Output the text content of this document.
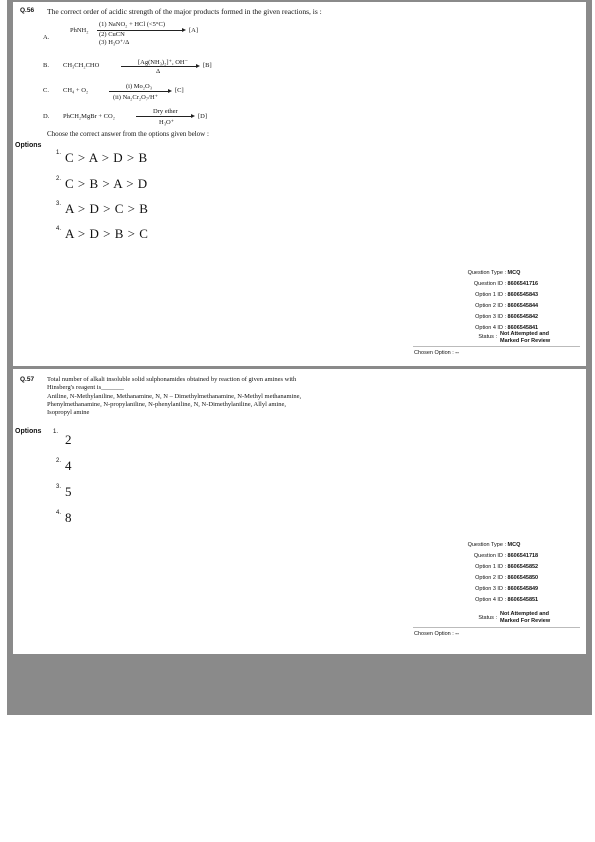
Q.56 The correct order of acidic strength of the major products formed in the given reactions, is :
A.
PhNH₂
(1) NaNO₂ + HCl (<5°C)
(2) CuCN
(3) H₃O⁺/Δ
[A]
B. CH₃CH₂CHO	[Ag(NH₃)₂]⁺, OH⁻
Δ
[B]
C. CH₄ + O₂
(i) Mo₂O₃
(ii) Na₂Cr₂O₇/H⁺
[C]
D. PhCH₂MgBr + CO₂
Dry ether
H₃O⁺
[D]
Choose the correct answer from the options given below :
Options
1. C > A > D > B
2. C > B > A > D
3. A > D > C > B
4. A > D > B > C
Question Type : MCQ
Question ID : 8606541716
Option 1 ID : 8606545843
Option 2 ID : 8606545844
Option 3 ID : 8606545842
Option 4 ID : 8606545841
Status : Not Attempted and
Marked For Review
Chosen Option : --
Q.57 Total number of alkali insoluble solid sulphonamides obtained by reaction of given amines with
Hinsberg's reagent is_______
Aniline, N-Methylaniline, Methanamine, N, N – Dimethylmethanamine, N-Methyl methanamine,
Phenylmethanamine, N-propylaniline, N-phenylaniline, N, N-Dimethylaniline, Allyl amine,
Isopropyl amine
Options 1. 2
2. 4
3. 5
4. 8
Question Type : MCQ
Question ID : 8606541718
Option 1 ID : 8606545852
Option 2 ID : 8606545850
Option 3 ID : 8606545849
Option 4 ID : 8606545851
Status :
Not Attempted and
Marked For Review
Chosen Option : --
